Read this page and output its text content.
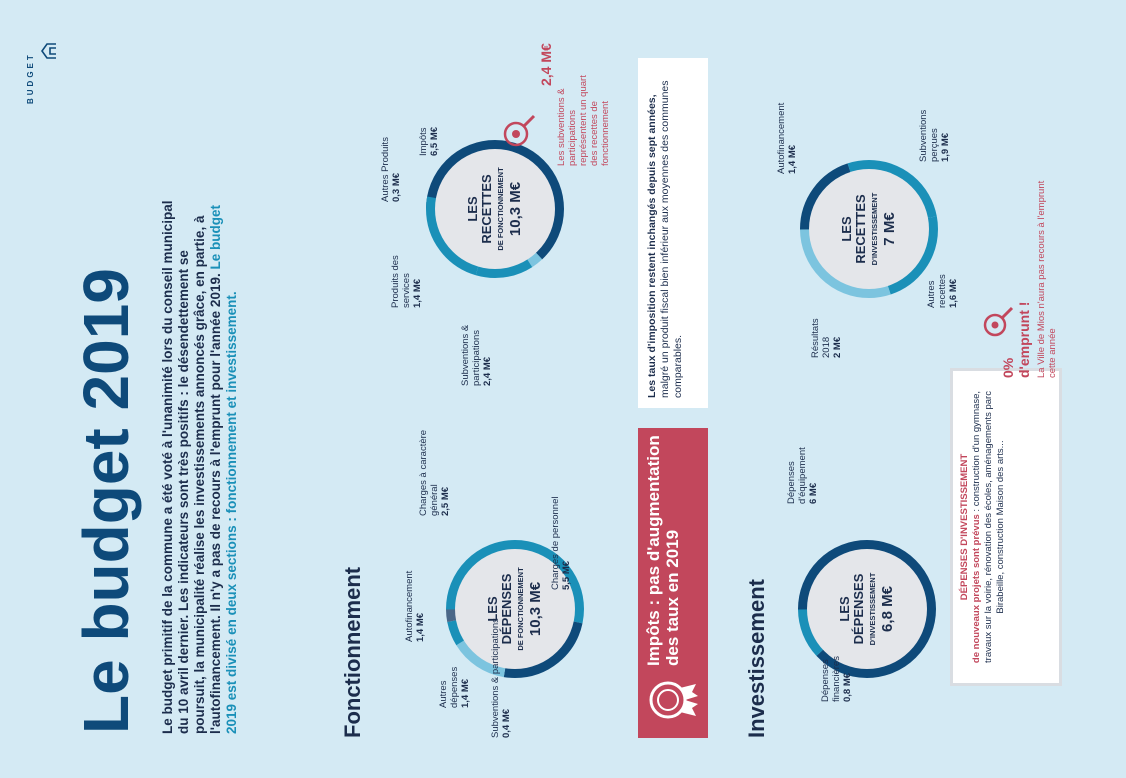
BUDGET
Le budget 2019 Le budget primitif de la commune a été voté à l'unanimité lors du conseil municipal du 10 avril dernier. Les indicateurs sont très positifs : le désendettement se poursuit, la municipalité réalise les investissements annoncés grâce, en partie, à l'autofinancement. Il n'y a pas de recours à l'emprunt pour l'année 2019. Le budget 2019 est divisé en deux sections : fonctionnement et investissement.	Fonctionnement	Investissement
LES DÉPENSES DE FONCTIONNEMENT 10,3 M€
Charges de personnel 5,5 M€
Charges à caractère général 2,5 M€
Autofinancement 1,4 M€
Autres dépenses 1,4 M€ Subventions & participations 0,4 M€
LES RECETTES DE FONCTIONNEMENT 10,3 M€
Impôts 6,5 M€
Autres Produits 0,3 M€
Produits des services 1,4 M€
Subventions & participations 2,4 M€
2,4 M€
Les subventions & participations représentent un quart des recettes de fonctionnement
Impôts : pas d'augmentation des taux en 2019
Les taux d'imposition restent inchangés depuis sept années, malgré un produit fiscal bien inférieur aux moyennes des communes comparables.
LES DÉPENSES D'INVESTISSEMENT 6,8 M€
Dépenses d'équipement 6 M€
Dépenses financières 0,8 M€
DÉPENSES D'INVESTISSEMENT
de nouveaux projets sont prévus : construction d'un gymnase, travaux sur la voirie, rénovation des écoles, aménagements parc Birabeille, construction Maison des arts...
LES RECETTES D'INVESTISSEMENT 7 M€
Autofinancement 1,4 M€	Subventions perçues 1,9 M€
Autres recettes 1,6 M€
Résultats 2018 2 M€
0% d'emprunt ! La Ville de Mios n'aura pas recours à l'emprunt cette année
